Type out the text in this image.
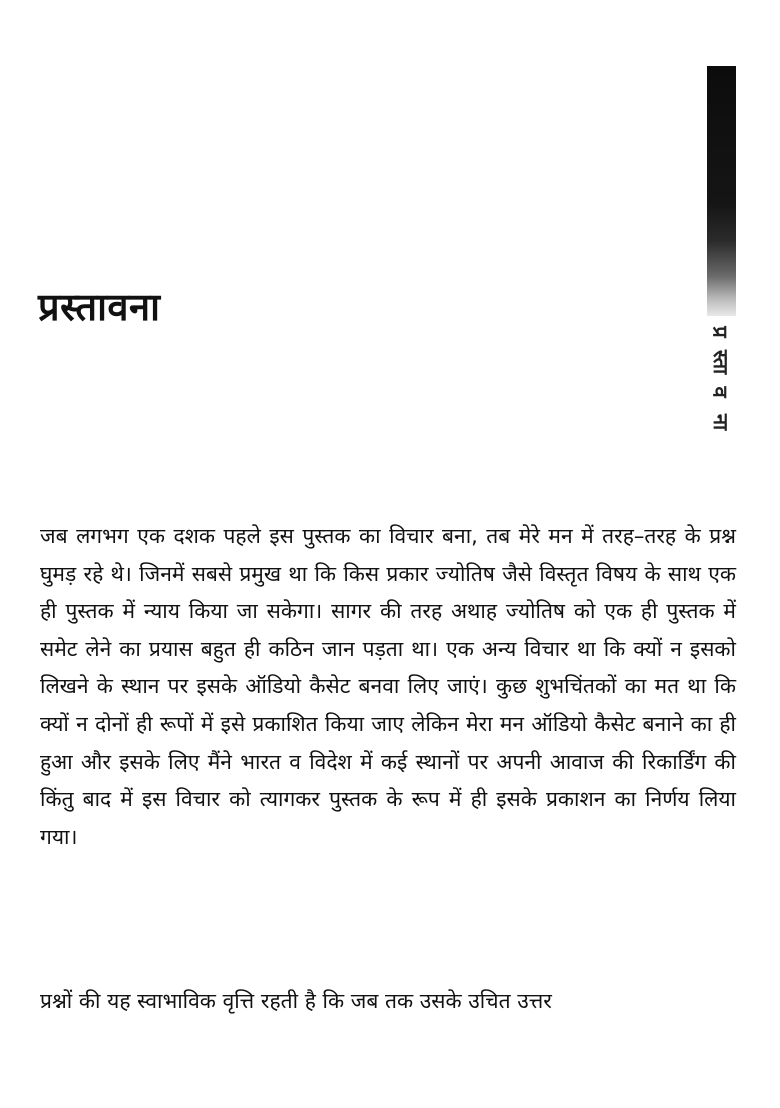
प्रस्तावना
प्र
स्ता
व
ना

जब लगभग एक दशक पहले इस पुस्तक का विचार बना, तब मेरे मन में तरह–तरह के प्रश्न घुमड़ रहे थे। जिनमें सबसे प्रमुख था कि किस प्रकार ज्योतिष जैसे विस्तृत विषय के साथ एक ही पुस्तक में न्याय किया जा सकेगा। सागर की तरह अथाह ज्योतिष को एक ही पुस्तक में समेट लेने का प्रयास बहुत ही कठिन जान पड़ता था। एक अन्य विचार था कि क्यों न इसको लिखने के स्थान पर इसके ऑडियो कैसेट बनवा लिए जाएं। कुछ शुभचिंतकों का मत था कि क्यों न दोनों ही रूपों में इसे प्रकाशित किया जाए लेकिन मेरा मन ऑडियो कैसेट बनाने का ही हुआ और इसके लिए मैंने भारत व विदेश में कई स्थानों पर अपनी आवाज की रिकार्डिंग की किंतु बाद में इस विचार को त्यागकर पुस्तक के रूप में ही इसके प्रकाशन का निर्णय लिया गया।

प्रश्नों की यह स्वाभाविक वृत्ति रहती है कि जब तक उसके उचित उत्तर
